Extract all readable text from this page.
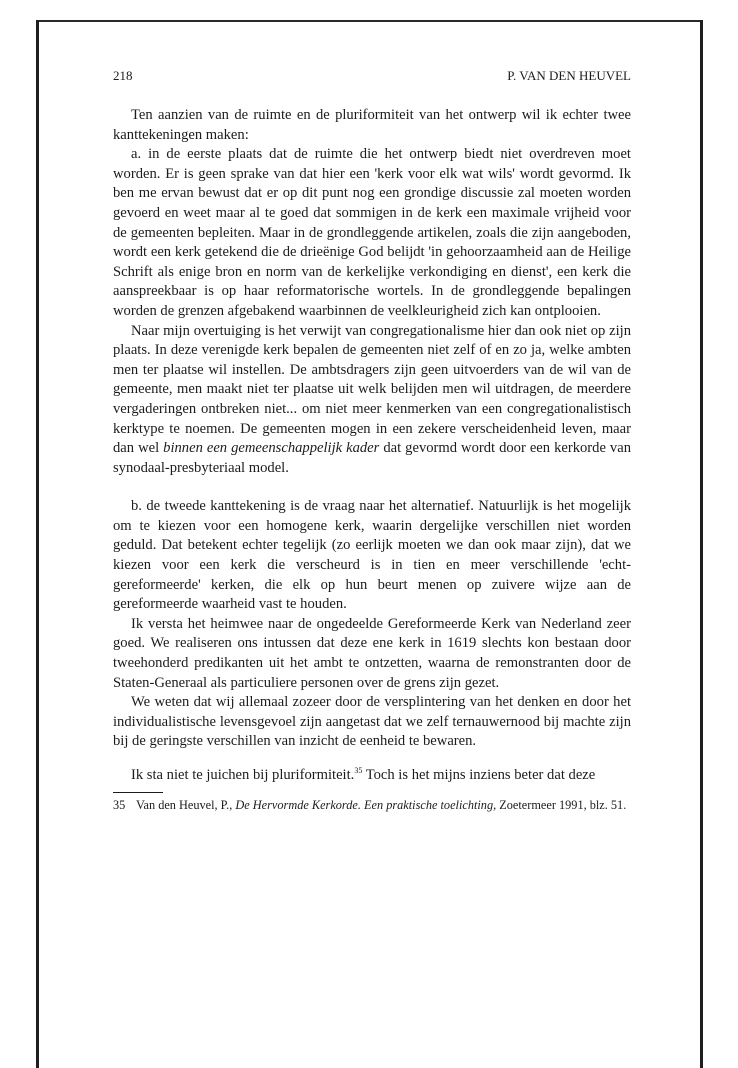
218	P. VAN DEN HEUVEL

Ten aanzien van de ruimte en de pluriformiteit van het ontwerp wil ik echter twee kanttekeningen maken:

a. in de eerste plaats dat de ruimte die het ontwerp biedt niet overdreven moet worden. Er is geen sprake van dat hier een 'kerk voor elk wat wils' wordt gevormd. Ik ben me ervan bewust dat er op dit punt nog een grondige discussie zal moeten worden gevoerd en weet maar al te goed dat sommigen in de kerk een maximale vrijheid voor de gemeenten bepleiten. Maar in de grondleggende artikelen, zoals die zijn aangeboden, wordt een kerk getekend die de drieënige God belijdt 'in gehoorzaamheid aan de Heilige Schrift als enige bron en norm van de kerkelijke verkondiging en dienst', een kerk die aanspreekbaar is op haar reformatorische wortels. In de grondleggende bepalingen worden de grenzen afgebakend waarbinnen de veelkleurigheid zich kan ontplooien.

Naar mijn overtuiging is het verwijt van congregationalisme hier dan ook niet op zijn plaats. In deze verenigde kerk bepalen de gemeenten niet zelf of en zo ja, welke ambten men ter plaatse wil instellen. De ambtsdragers zijn geen uitvoerders van de wil van de gemeente, men maakt niet ter plaatse uit welk belijden men wil uitdragen, de meerdere vergaderingen ontbreken niet... om niet meer kenmerken van een congregationalistisch kerktype te noemen. De gemeenten mogen in een zekere verscheidenheid leven, maar dan wel binnen een gemeenschappelijk kader dat gevormd wordt door een kerkorde van synodaal-presbyteriaal model.

b. de tweede kanttekening is de vraag naar het alternatief. Natuurlijk is het mogelijk om te kiezen voor een homogene kerk, waarin dergelijke verschillen niet worden geduld. Dat betekent echter tegelijk (zo eerlijk moeten we dan ook maar zijn), dat we kiezen voor een kerk die verscheurd is in tien en meer verschillende 'echt-gereformeerde' kerken, die elk op hun beurt menen op zuivere wijze aan de gereformeerde waarheid vast te houden.

Ik versta het heimwee naar de ongedeelde Gereformeerde Kerk van Nederland zeer goed. We realiseren ons intussen dat deze ene kerk in 1619 slechts kon bestaan door tweehonderd predikanten uit het ambt te ontzetten, waarna de remonstranten door de Staten-Generaal als particuliere personen over de grens zijn gezet.

We weten dat wij allemaal zozeer door de versplintering van het denken en door het individualistische levensgevoel zijn aangetast dat we zelf ternauwernood bij machte zijn bij de geringste verschillen van inzicht de eenheid te bewaren.

Ik sta niet te juichen bij pluriformiteit.$^{35}$ Toch is het mijns inziens beter dat deze

35 Van den Heuvel, P., De Hervormde Kerkorde. Een praktische toelichting, Zoetermeer 1991, blz. 51.
